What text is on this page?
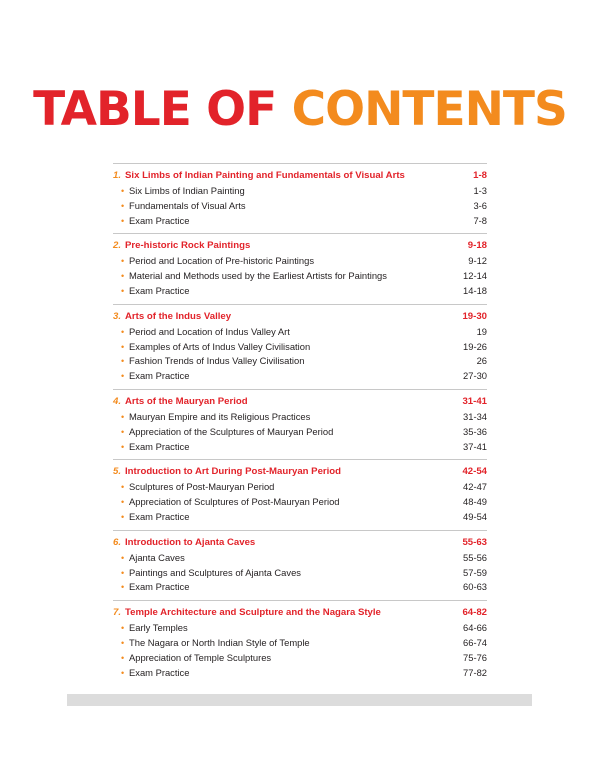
TABLE OF CONTENTS
1. Six Limbs of Indian Painting and Fundamentals of Visual Arts	1-8
• Six Limbs of Indian Painting	1-3
• Fundamentals of Visual Arts	3-6
• Exam Practice	7-8
2. Pre-historic Rock Paintings	9-18
• Period and Location of Pre-historic Paintings	9-12
• Material and Methods used by the Earliest Artists for Paintings	12-14
• Exam Practice	14-18
3. Arts of the Indus Valley	19-30
• Period and Location of Indus Valley Art	19
• Examples of Arts of Indus Valley Civilisation	19-26
• Fashion Trends of Indus Valley Civilisation	26
• Exam Practice	27-30
4. Arts of the Mauryan Period	31-41
• Mauryan Empire and its Religious Practices	31-34
• Appreciation of the Sculptures of Mauryan Period	35-36
• Exam Practice	37-41
5. Introduction to Art During Post-Mauryan Period	42-54
• Sculptures of Post-Mauryan Period	42-47
• Appreciation of Sculptures of Post-Mauryan Period	48-49
• Exam Practice	49-54
6. Introduction to Ajanta Caves	55-63
• Ajanta Caves	55-56
• Paintings and Sculptures of Ajanta Caves	57-59
• Exam Practice	60-63
7. Temple Architecture and Sculpture and the Nagara Style	64-82
• Early Temples	64-66
• The Nagara or North Indian Style of Temple	66-74
• Appreciation of Temple Sculptures	75-76
• Exam Practice	77-82
